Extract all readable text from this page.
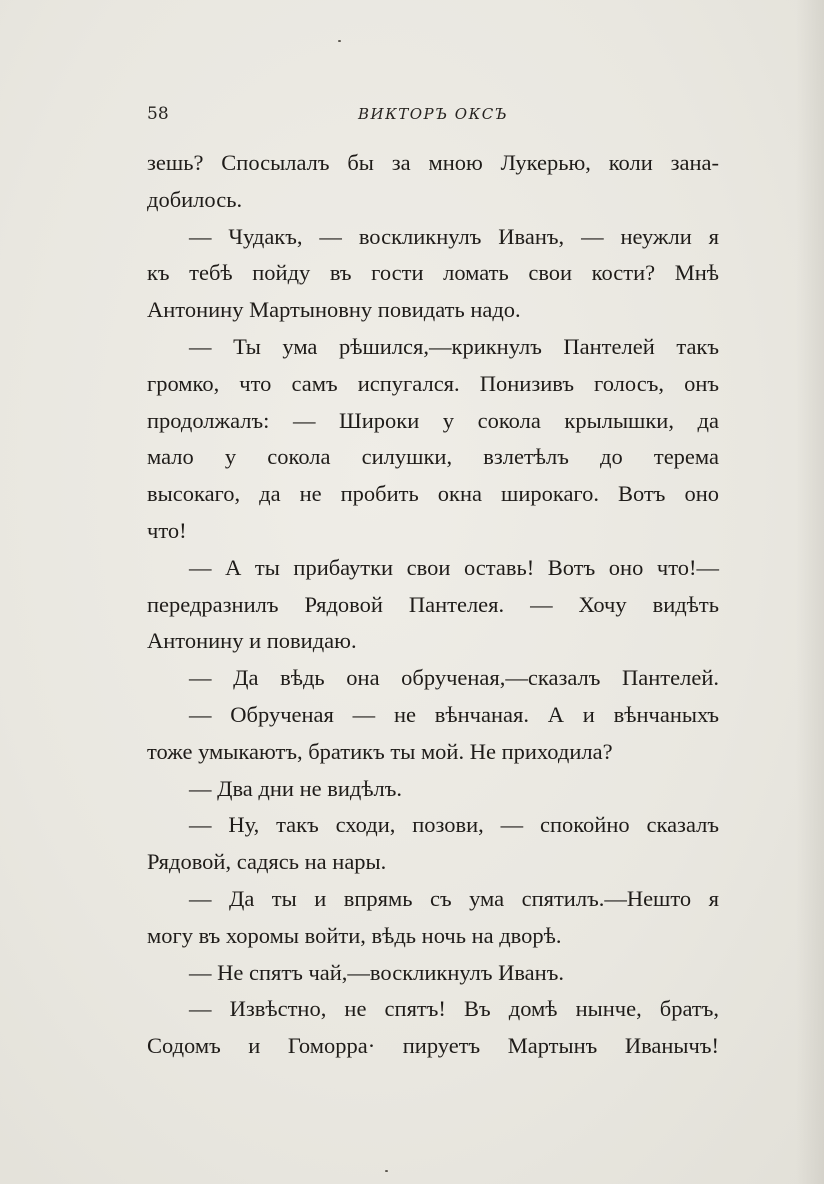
58	ВИКТОРЪ ОКСЪ
зешь? Спосылалъ бы за мною Лукерью, коли зана-
добилось.
— Чудакъ, — воскликнулъ Иванъ, — неужли я
къ тебѣ пойду въ гости ломать свои кости? Мнѣ
Антонину Мартыновну повидать надо.
— Ты ума рѣшился,—крикнулъ Пантелей такъ
громко, что самъ испугался. Понизивъ голосъ, онъ
продолжалъ: — Широки у сокола крылышки, да
мало у сокола силушки, взлетѣлъ до терема
высокаго, да не пробить окна широкаго. Вотъ оно
что!
— А ты прибаутки свои оставь! Вотъ оно что!—
передразнилъ Рядовой Пантелея. — Хочу видѣть
Антонину и повидаю.
— Да вѣдь она обрученая,—сказалъ Пантелей.
— Обрученая — не вѣнчаная. А и вѣнчаныхъ
тоже умыкаютъ, братикъ ты мой. Не приходила?
— Два дни не видѣлъ.
— Ну, такъ сходи, позови, — спокойно сказалъ
Рядовой, садясь на нары.
— Да ты и впрямь съ ума спятилъ.—Нешто я
могу въ хоромы войти, вѣдь ночь на дворѣ.
— Не спятъ чай,—воскликнулъ Иванъ.
— Извѣстно, не спятъ! Въ домѣ нынче, братъ,
Содомъ и Гоморра· пируетъ Мартынъ Иванычъ!
